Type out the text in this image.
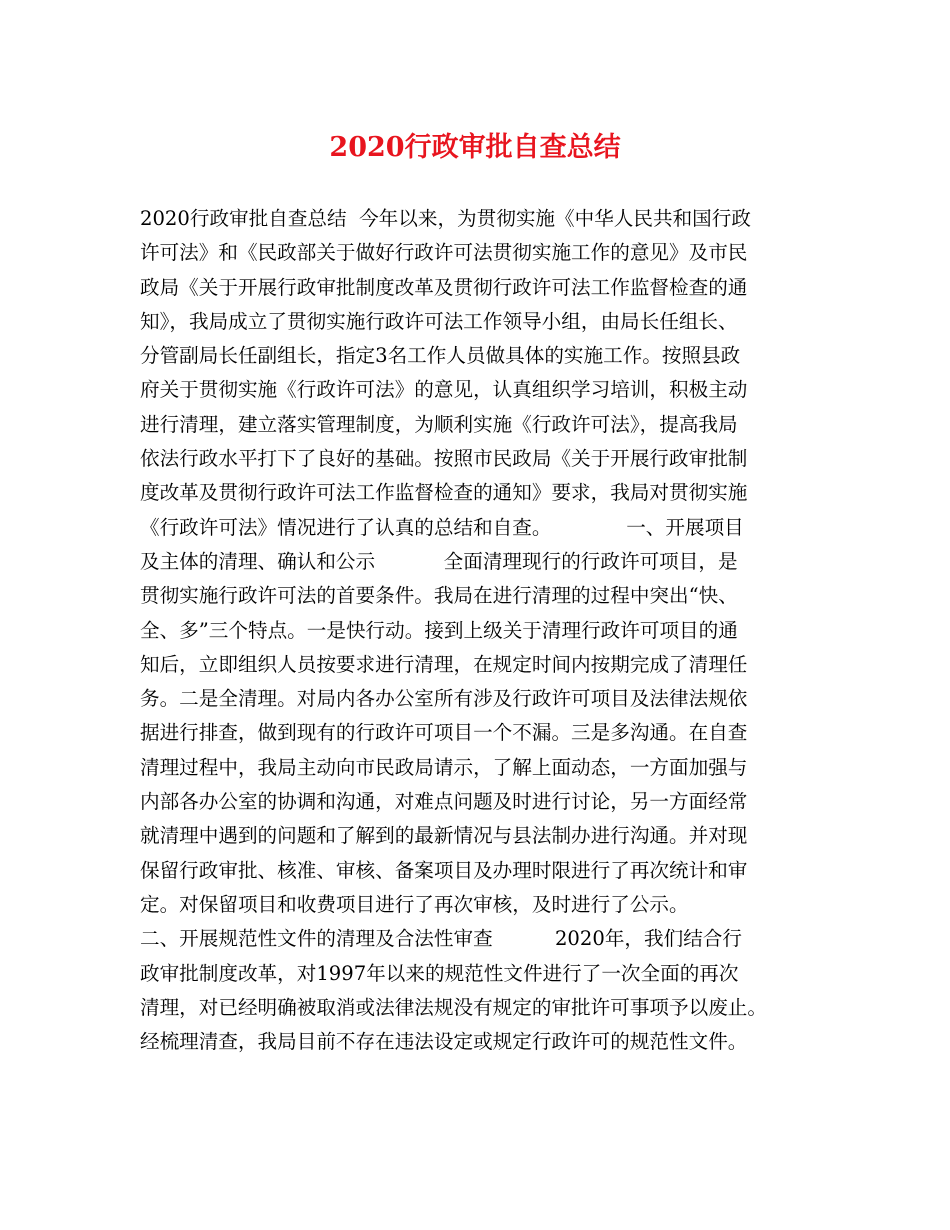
2020行政审批自查总结
2020行政审批自查总结  今年以来，为贯彻实施《中华人民共和国行政
许可法》和《民政部关于做好行政许可法贯彻实施工作的意见》及市民
政局《关于开展行政审批制度改革及贯彻行政许可法工作监督检查的通
知》，我局成立了贯彻实施行政许可法工作领导小组，由局长任组长、
分管副局长任副组长，指定3名工作人员做具体的实施工作。按照县政
府关于贯彻实施《行政许可法》的意见，认真组织学习培训，积极主动
进行清理，建立落实管理制度，为顺利实施《行政许可法》，提高我局
依法行政水平打下了良好的基础。按照市民政局《关于开展行政审批制
度改革及贯彻行政许可法工作监督检查的通知》要求，我局对贯彻实施
《行政许可法》情况进行了认真的总结和自查。            一、开展项目
及主体的清理、确认和公示           全面清理现行的行政许可项目，是
贯彻实施行政许可法的首要条件。我局在进行清理的过程中突出“快、
全、多”三个特点。一是快行动。接到上级关于清理行政许可项目的通
知后，立即组织人员按要求进行清理，在规定时间内按期完成了清理任
务。二是全清理。对局内各办公室所有涉及行政许可项目及法律法规依
据进行排查，做到现有的行政许可项目一个不漏。三是多沟通。在自查
清理过程中，我局主动向市民政局请示，了解上面动态，一方面加强与
内部各办公室的协调和沟通，对难点问题及时进行讨论，另一方面经常
就清理中遇到的问题和了解到的最新情况与县法制办进行沟通。并对现
保留行政审批、核准、审核、备案项目及办理时限进行了再次统计和审
定。对保留项目和收费项目进行了再次审核，及时进行了公示。
二、开展规范性文件的清理及合法性审查          2020年，我们结合行
政审批制度改革，对1997年以来的规范性文件进行了一次全面的再次
清理，对已经明确被取消或法律法规没有规定的审批许可事项予以废止。
经梳理清查，我局目前不存在违法设定或规定行政许可的规范性文件。
